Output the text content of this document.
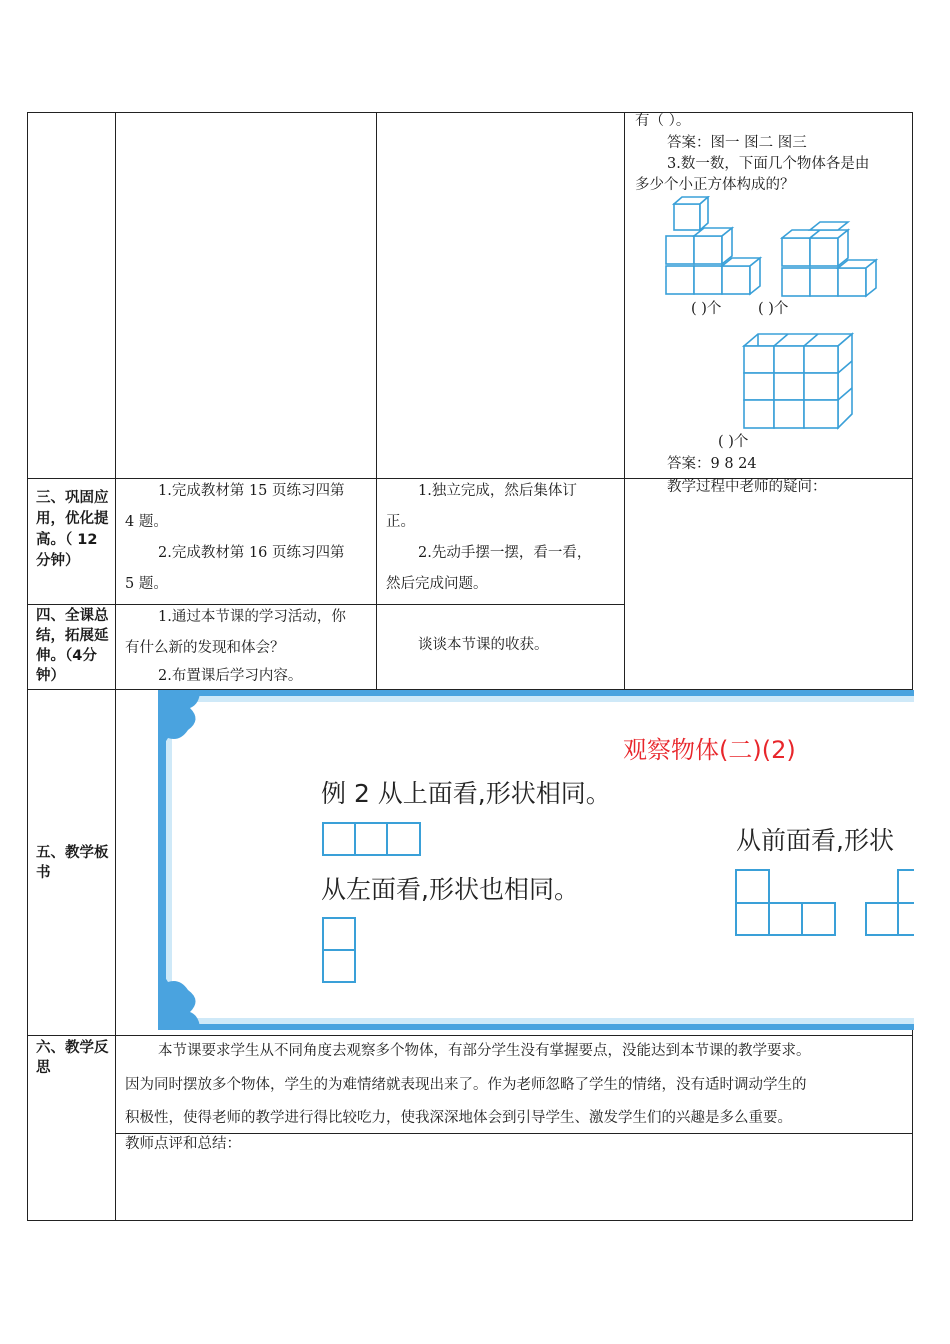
有（ ）。
答案：图一 图二 图三
3.数一数，下面几个物体各是由
多少个小正方体构成的？
( )个	( )个
( )个
答案：9 8 24
三、巩固应用，优化提高。（ 12 分钟）
1.完成教材第 15 页练习四第
4 题。
2.完成教材第 16 页练习四第
5 题。
1.独立完成，然后集体订
正。
2.先动手摆一摆，看一看，
然后完成问题。
教学过程中老师的疑问：
四、全课总结，拓展延伸。（4分钟）
1.通过本节课的学习活动，你
有什么新的发现和体会？
2.布置课后学习内容。
谈谈本节课的收获。
五、教学板书
观察物体(二)(2)
例 2 从上面看,形状相同。
从前面看,形状
从左面看,形状也相同。
六、教学反思
本节课要求学生从不同角度去观察多个物体，有部分学生没有掌握要点，没能达到本节课的教学要求。
因为同时摆放多个物体，学生的为难情绪就表现出来了。作为老师忽略了学生的情绪，没有适时调动学生的
积极性，使得老师的教学进行得比较吃力，使我深深地体会到引导学生、激发学生们的兴趣是多么重要。
教师点评和总结：
